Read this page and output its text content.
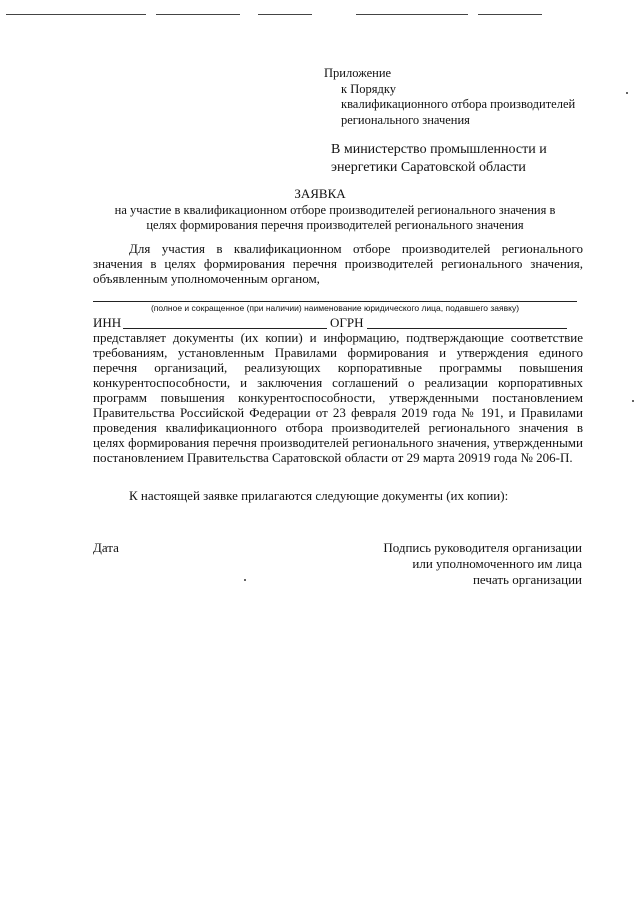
Приложение
к Порядку
квалификационного отбора производителей
регионального значения
В министерство промышленности и
энергетики Саратовской области
ЗАЯВКА
на участие в квалификационном отборе производителей регионального значения в
целях формирования перечня производителей регионального значения
Для участия в квалификационном отборе производителей регионального значения в целях формирования перечня производителей регионального значения, объявленным уполномоченным органом,
(полное и сокращенное (при наличии) наименование юридического лица, подавшего заявку)
ИНН	ОГРН
представляет документы (их копии) и информацию, подтверждающие соответствие требованиям, установленным Правилами формирования и утверждения единого перечня организаций, реализующих корпоративные программы повышения конкурентоспособности, и заключения соглашений о реализации корпоративных программ повышения конкурентоспособности, утвержденными постановлением Правительства Российской Федерации от 23 февраля 2019 года № 191, и Правилами проведения квалификационного отбора производителей регионального значения в целях формирования перечня производителей регионального значения, утвержденными постановлением Правительства Саратовской области от 29 марта 20919 года № 206-П.
К настоящей заявке прилагаются следующие документы (их копии):
Дата	Подпись руководителя организации
или уполномоченного им лица
печать организации
